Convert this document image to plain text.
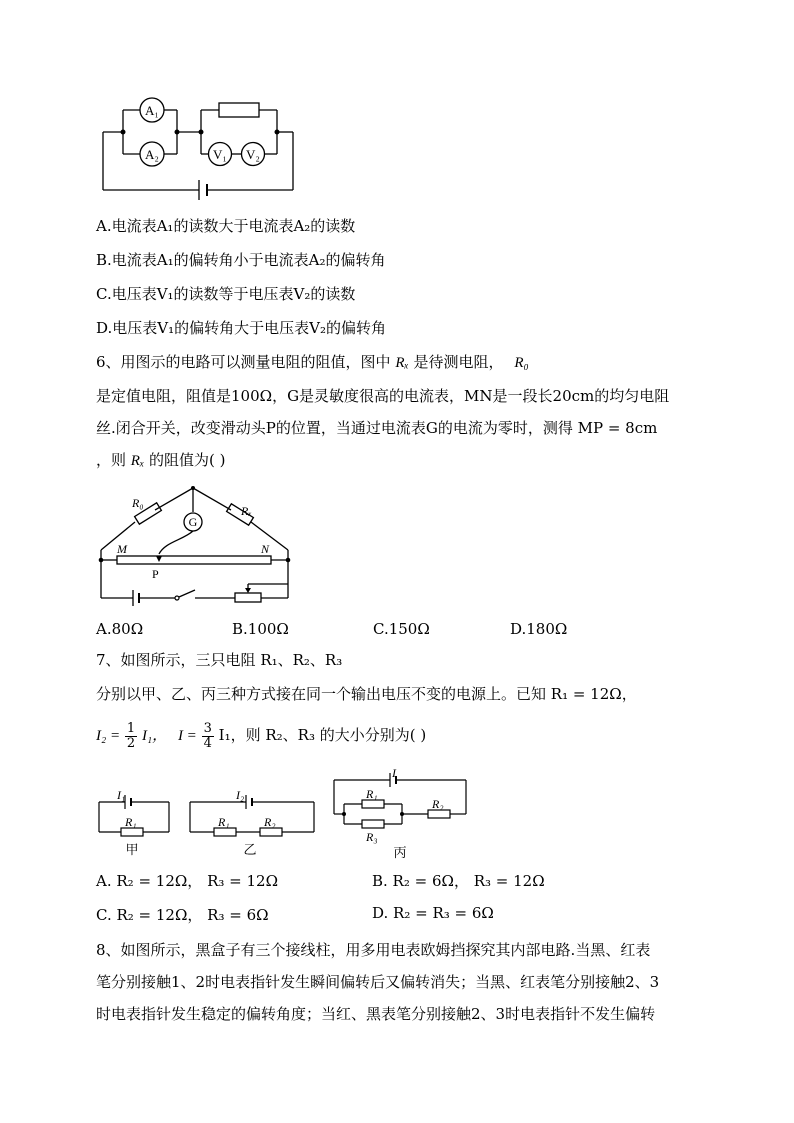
A₁
A₂	V₁ V₂
A.电流表A₁的读数大于电流表A₂的读数
B.电流表A₁的偏转角小于电流表A₂的偏转角
C.电压表V₁的读数等于电压表V₂的读数
D.电压表V₁的偏转角大于电压表V₂的偏转角
6、用图示的电路可以测量电阻的阻值，图中 Rₓ 是待测电阻， R₀
是定值电阻，阻值是100Ω，G是灵敏度很高的电流表，MN是一段长20cm的均匀电阻
丝.闭合开关，改变滑动头P的位置，当通过电流表G的电流为零时，测得 MP = 8cm
，则 Rₓ 的阻值为( )
R₀
Rₓ
G
M	N
P
A.80Ω	B.100Ω	C.150Ω	D.180Ω
7、如图所示，三只电阻 R₁、R₂、R₃
分别以甲、乙、丙三种方式接在同一个输出电压不变的电源上。已知 R₁ = 12Ω，
$I_2 = \frac{1}{2} I_1$， $I = \frac{3}{4} I_1$，则 R₂、R₃ 的大小分别为( )
I₁
R₁
甲
I₂
R₁	R₂
乙
I
R₁
R₂
R₃
丙
A. R₂ = 12Ω， R₃ = 12Ω	B. R₂ = 6Ω， R₃ = 12Ω
C. R₂ = 12Ω， R₃ = 6Ω	D. R₂ = R₃ = 6Ω
8、如图所示，黑盒子有三个接线柱，用多用电表欧姆挡探究其内部电路.当黑、红表
笔分别接触1、2时电表指针发生瞬间偏转后又偏转消失；当黑、红表笔分别接触2、3
时电表指针发生稳定的偏转角度；当红、黑表笔分别接触2、3时电表指针不发生偏转
